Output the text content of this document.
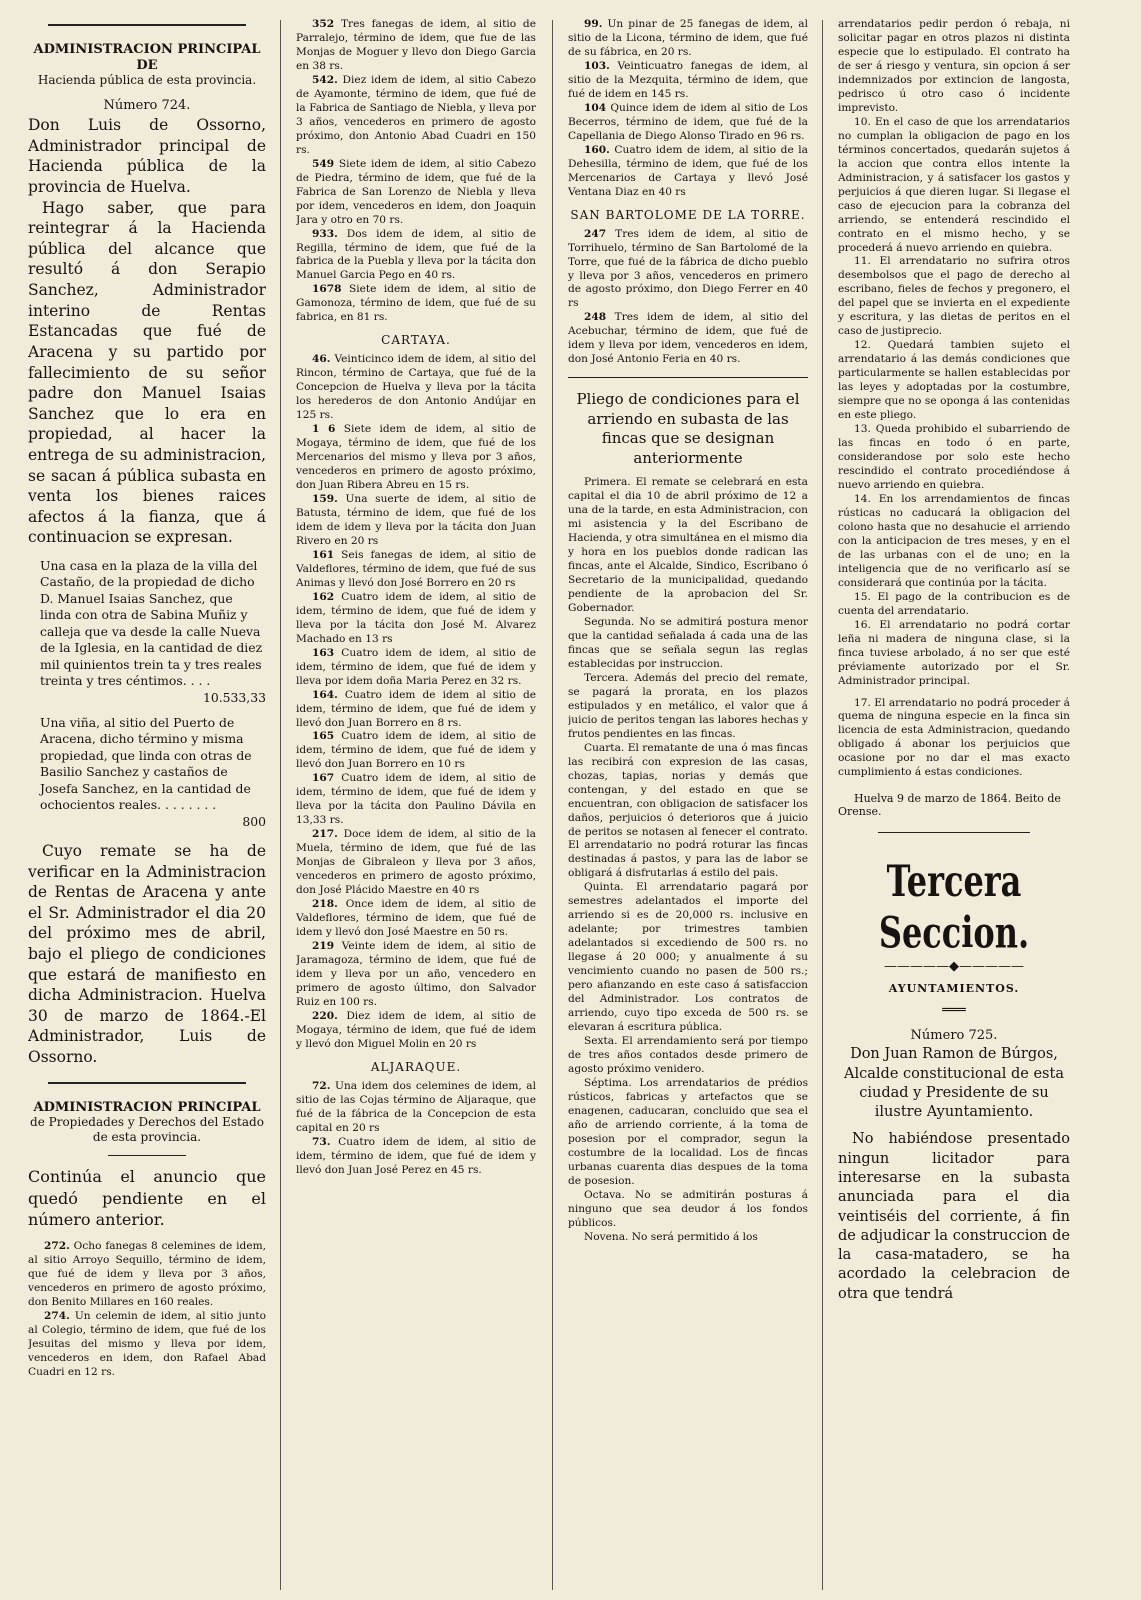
ADMINISTRACION PRINCIPAL DE
Hacienda pública de esta provincia.
Número 724.

Don Luis de Ossorno, Administrador principal de Hacienda pública de la provincia de Huelva.

Hago saber, que para reintegrar á la Hacienda pública del alcance que resultó á don Serapio Sanchez, Administrador interino de Rentas Estancadas que fué de Aracena y su partido por fallecimiento de su señor padre don Manuel Isaias Sanchez que lo era en propiedad, al hacer la entrega de su administracion, se sacan á pública subasta en venta los bienes raices afectos á la fianza, que á continuacion se expresan.

Una casa en la plaza de la villa del Castaño, de la propiedad de dicho D. Manuel Isaias Sanchez, que linda con otra de Sabina Muñiz y calleja que va desde la calle Nueva de la Iglesia, en la cantidad de diez mil quinientos trein ta y tres reales treinta y tres céntimos. . . .

10.533,33

Una viña, al sitio del Puerto de Aracena, dicho término y misma propiedad, que linda con otras de Basilio Sanchez y castaños de Josefa Sanchez, en la cantidad de ochocientos reales. . . . . . . .

800

Cuyo remate se ha de verificar en la Administracion de Rentas de Aracena y ante el Sr. Administrador el dia 20 del próximo mes de abril, bajo el pliego de condiciones que estará de manifiesto en dicha Administracion. Huelva 30 de marzo de 1864.-El Administrador, Luis de Ossorno.

ADMINISTRACION PRINCIPAL
de Propiedades y Derechos del Estado de esta provincia.

Continúa el anuncio que quedó pendiente en el número anterior.

272. Ocho fanegas 8 celemines de idem, al sitio Arroyo Sequillo, término de idem, que fué de idem y lleva por 3 años, vencederos en primero de agosto próximo, don Benito Millares en 160 reales.

274. Un celemin de idem, al sitio junto al Colegio, término de idem, que fué de los Jesuitas del mismo y lleva por idem, vencederos en idem, don Rafael Abad Cuadri en 12 rs.

352 Tres fanegas de idem, al sitio de Parralejo, término de idem, que fue de las Monjas de Moguer y llevo don Diego Garcia en 38 rs.

542. Diez idem de idem, al sitio Cabezo de Ayamonte, término de idem, que fué de la Fabrica de Santiago de Niebla, y lleva por 3 años, vencederos en primero de agosto próximo, don Antonio Abad Cuadri en 150 rs.

549 Siete idem de idem, al sitio Cabezo de Piedra, término de idem, que fué de la Fabrica de San Lorenzo de Niebla y lleva por idem, vencederos en idem, don Joaquin Jara y otro en 70 rs.

933. Dos idem de idem, al sitio de Regilla, término de idem, que fué de la fabrica de la Puebla y lleva por la tácita don Manuel Garcia Pego en 40 rs.

1678 Siete idem de idem, al sitio de Gamonoza, término de idem, que fué de su fabrica, en 81 rs.

CARTAYA.

46. Veinticinco idem de idem, al sitio del Rincon, término de Cartaya, que fué de la Concepcion de Huelva y lleva por la tácita los herederos de don Antonio Andújar en 125 rs.

1 6 Siete idem de idem, al sitio de Mogaya, término de idem, que fué de los Mercenarios del mismo y lleva por 3 años, vencederos en primero de agosto próximo, don Juan Ribera Abreu en 15 rs.

159. Una suerte de idem, al sitio de Batusta, término de idem, que fué de los idem de idem y lleva por la tácita don Juan Rivero en 20 rs

161 Seis fanegas de idem, al sitio de Valdeflores, término de idem, que fué de sus Animas y llevó don José Borrero en 20 rs

162 Cuatro idem de idem, al sitio de idem, término de idem, que fué de idem y lleva por la tácita don José M. Alvarez Machado en 13 rs

163 Cuatro idem de idem, al sitio de idem, término de idem, que fué de idem y lleva por idem doña Maria Perez en 32 rs.

164. Cuatro idem de idem al sitio de idem, término de idem, que fué de idem y llevó don Juan Borrero en 8 rs.

165 Cuatro idem de idem, al sitio de idem, término de idem, que fué de idem y llevó don Juan Borrero en 10 rs

167 Cuatro idem de idem, al sitio de idem, término de idem, que fué de idem y lleva por la tácita don Paulino Dávila en 13,33 rs.

217. Doce idem de idem, al sitio de la Muela, término de idem, que fué de las Monjas de Gibraleon y lleva por 3 años, vencederos en primero de agosto próximo, don José Plácido Maestre en 40 rs

218. Once idem de idem, al sitio de Valdeflores, término de idem, que fué de idem y llevó don José Maestre en 50 rs.

219 Veinte idem de idem, al sitio de Jaramagoza, término de idem, que fué de idem y lleva por un año, vencedero en primero de agosto último, don Salvador Ruiz en 100 rs.

220. Diez idem de idem, al sitio de Mogaya, término de idem, que fué de idem y llevó don Miguel Molin en 20 rs

ALJARAQUE.

72. Una idem dos celemines de idem, al sitio de las Cojas término de Aljaraque, que fué de la fábrica de la Concepcion de esta capital en 20 rs

73. Cuatro idem de idem, al sitio de idem, término de idem, que fué de idem y llevó don Juan José Perez en 45 rs.

99. Un pinar de 25 fanegas de idem, al sitio de la Licona, término de idem, que fué de su fábrica, en 20 rs.

103. Veinticuatro fanegas de idem, al sitio de la Mezquita, término de idem, que fué de idem en 145 rs.

104 Quince idem de idem al sitio de Los Becerros, término de idem, que fué de la Capellania de Diego Alonso Tirado en 96 rs.

160. Cuatro idem de idem, al sitio de la Dehesilla, término de idem, que fué de los Mercenarios de Cartaya y llevó José Ventana Diaz en 40 rs

SAN BARTOLOME DE LA TORRE.

247 Tres idem de idem, al sitio de Torrihuelo, término de San Bartolomé de la Torre, que fué de la fábrica de dicho pueblo y lleva por 3 años, vencederos en primero de agosto próximo, don Diego Ferrer en 40 rs

248 Tres idem de idem, al sitio del Acebuchar, término de idem, que fué de idem y lleva por idem, vencederos en idem, don José Antonio Feria en 40 rs.

Pliego de condiciones para el arriendo en subasta de las fincas que se designan anteriormente

Primera. El remate se celebrará en esta capital el dia 10 de abril próximo de 12 a una de la tarde, en esta Administracion, con mi asistencia y la del Escribano de Hacienda, y otra simultánea en el mismo dia y hora en los pueblos donde radican las fincas, ante el Alcalde, Sindico, Escribano ó Secretario de la municipalidad, quedando pendiente de la aprobacion del Sr. Gobernador.

Segunda. No se admitirá postura menor que la cantidad señalada á cada una de las fincas que se señala segun las reglas establecidas por instruccion.

Tercera. Además del precio del remate, se pagará la prorata, en los plazos estipulados y en metálico, el valor que á juicio de peritos tengan las labores hechas y frutos pendientes en las fincas.

Cuarta. El rematante de una ó mas fincas las recibirá con expresion de las casas, chozas, tapias, norias y demás que contengan, y del estado en que se encuentran, con obligacion de satisfacer los daños, perjuicios ó deterioros que á juicio de peritos se notasen al fenecer el contrato. El arrendatario no podrá roturar las fincas destinadas á pastos, y para las de labor se obligará á disfrutarlas á estilo del pais.

Quinta. El arrendatario pagará por semestres adelantados el importe del arriendo si es de 20,000 rs. inclusive en adelante; por trimestres tambien adelantados si excediendo de 500 rs. no llegase á 20 000; y anualmente á su vencimiento cuando no pasen de 500 rs.; pero afianzando en este caso á satisfaccion del Administrador. Los contratos de arriendo, cuyo tipo exceda de 500 rs. se elevaran á escritura pública.

Sexta. El arrendamiento será por tiempo de tres años contados desde primero de agosto próximo venidero.

Séptima. Los arrendatarios de prédios rústicos, fabricas y artefactos que se enagenen, caducaran, concluido que sea el año de arriendo corriente, á la toma de posesion por el comprador, segun la costumbre de la localidad. Los de fincas urbanas cuarenta dias despues de la toma de posesion.

Octava. No se admitirán posturas á ninguno que sea deudor á los fondos públicos.

Novena. No será permitido á los

arrendatarios pedir perdon ó rebaja, ni solicitar pagar en otros plazos ni distinta especie que lo estipulado. El contrato ha de ser á riesgo y ventura, sin opcion á ser indemnizados por extincion de langosta, pedrisco ú otro caso ó incidente imprevisto.

10. En el caso de que los arrendatarios no cumplan la obligacion de pago en los términos concertados, quedarán sujetos á la accion que contra ellos intente la Administracion, y á satisfacer los gastos y perjuicios á que dieren lugar. Si llegase el caso de ejecucion para la cobranza del arriendo, se entenderá rescindido el contrato en el mismo hecho, y se procederá á nuevo arriendo en quiebra.

11. El arrendatario no sufrira otros desembolsos que el pago de derecho al escribano, fieles de fechos y pregonero, el del papel que se invierta en el expediente y escritura, y las dietas de peritos en el caso de justiprecio.

12. Quedará tambien sujeto el arrendatario á las demás condiciones que particularmente se hallen establecidas por las leyes y adoptadas por la costumbre, siempre que no se oponga á las contenidas en este pliego.

13. Queda prohibido el subarriendo de las fincas en todo ó en parte, considerandose por solo este hecho rescindido el contrato procediéndose á nuevo arriendo en quiebra.

14. En los arrendamientos de fincas rústicas no caducará la obligacion del colono hasta que no desahucie el arriendo con la anticipacion de tres meses, y en el de las urbanas con el de uno; en la inteligencia que de no verificarlo así se considerará que continúa por la tácita.

15. El pago de la contribucion es de cuenta del arrendatario.

16. El arrendatario no podrá cortar leña ni madera de ninguna clase, si la finca tuviese arbolado, á no ser que esté préviamente autorizado por el Sr. Administrador principal.

17. El arrendatario no podrá proceder á quema de ninguna especie en la finca sin licencia de esta Administracion, quedando obligado á abonar los perjuicios que ocasione por no dar el mas exacto cumplimiento á estas condiciones.

Huelva 9 de marzo de 1864. Beito de Orense.

Tercera Seccion.
—————◆—————
AYUNTAMIENTOS.
═══
Número 725.

Don Juan Ramon de Búrgos, Alcalde constitucional de esta ciudad y Presidente de su ilustre Ayuntamiento.

No habiéndose presentado ningun licitador para interesarse en la subasta anunciada para el dia veintiséis del corriente, á fin de adjudicar la construccion de la casa-matadero, se ha acordado la celebracion de otra que tendrá
